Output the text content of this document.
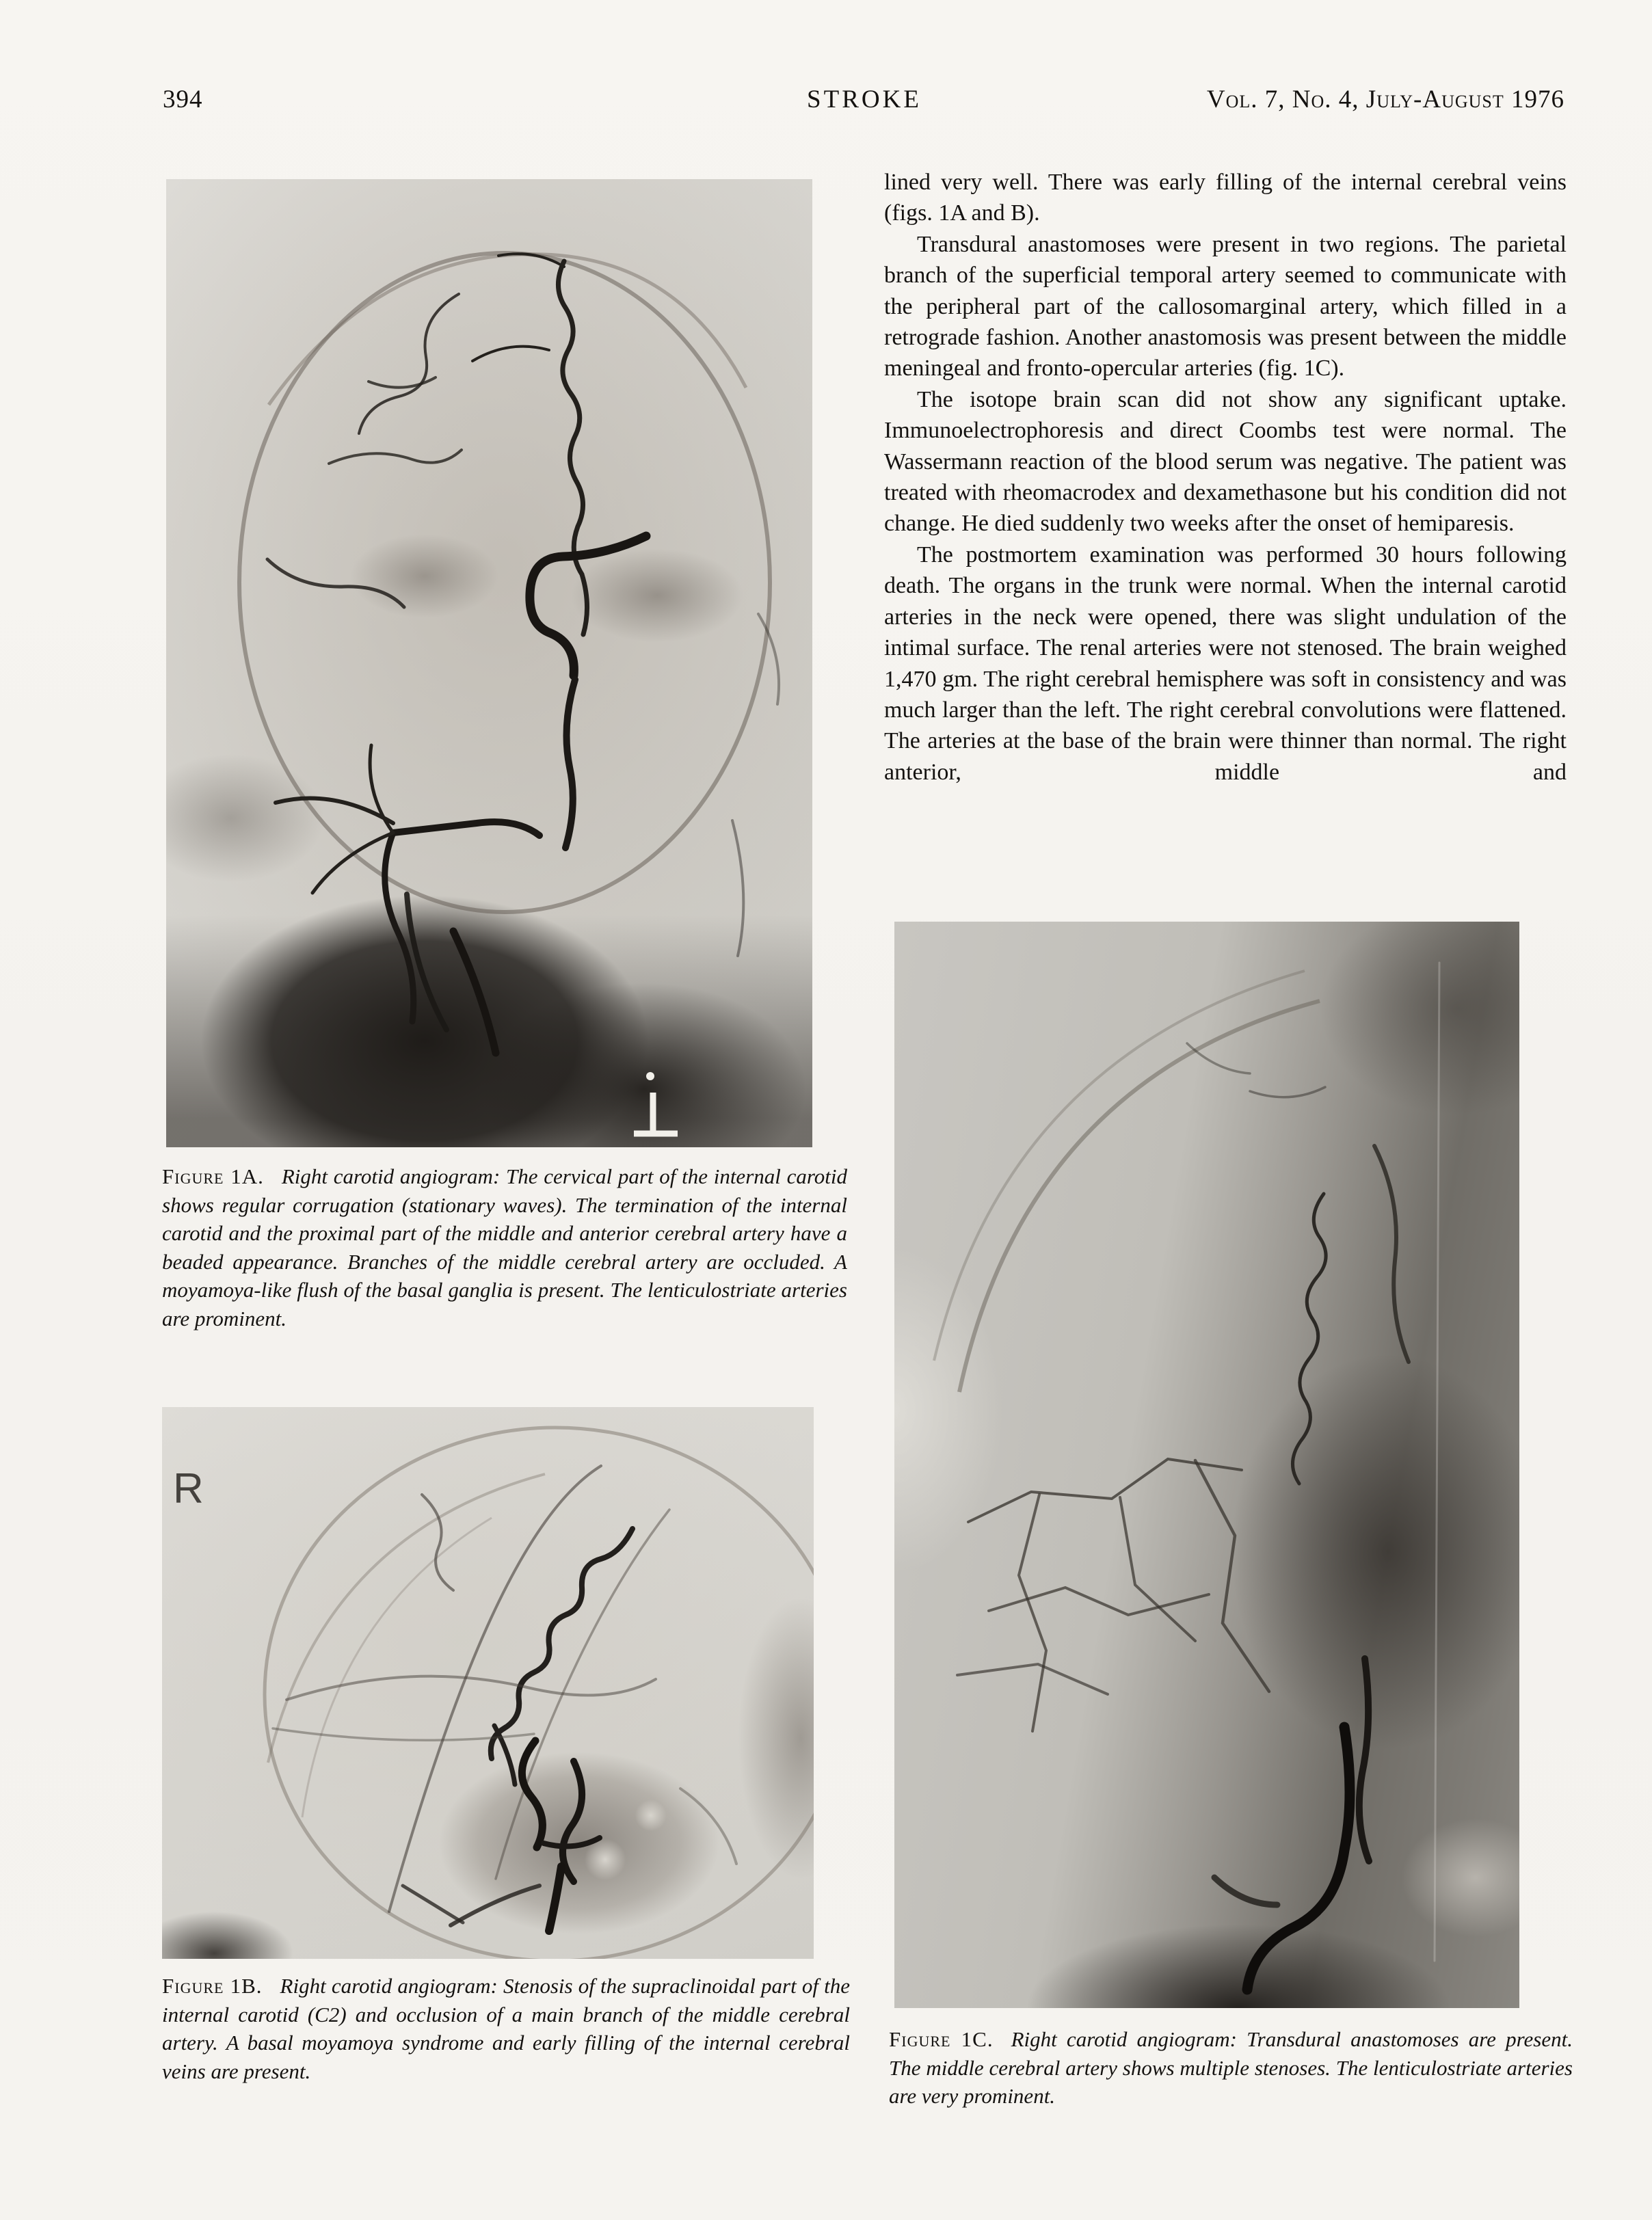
394	STROKE	Vol. 7, No. 4, July-August 1976
Figure 1A. Right carotid angiogram: The cervical part of the internal carotid shows regular corrugation (stationary waves). The termination of the internal carotid and the proximal part of the middle and anterior cerebral artery have a beaded appearance. Branches of the middle cerebral artery are occluded. A moyamoya-like flush of the basal ganglia is present. The lenticulostriate arteries are prominent.
R
Figure 1B. Right carotid angiogram: Stenosis of the supraclinoidal part of the internal carotid (C2) and occlusion of a main branch of the middle cerebral artery. A basal moyamoya syndrome and early filling of the internal cerebral veins are present.
Figure 1C. Right carotid angiogram: Transdural anastomoses are present. The middle cerebral artery shows multiple stenoses. The lenticulostriate arteries are very prominent.

lined very well. There was early filling of the internal cerebral veins (figs. 1A and B).

Transdural anastomoses were present in two regions. The parietal branch of the superficial temporal artery seemed to communicate with the peripheral part of the callosomarginal artery, which filled in a retrograde fashion. Another anastomosis was present between the middle meningeal and fronto-opercular arteries (fig. 1C).

The isotope brain scan did not show any significant uptake. Immunoelectrophoresis and direct Coombs test were normal. The Wassermann reaction of the blood serum was negative. The patient was treated with rheomacrodex and dexamethasone but his condition did not change. He died suddenly two weeks after the onset of hemiparesis.

The postmortem examination was performed 30 hours following death. The organs in the trunk were normal. When the internal carotid arteries in the neck were opened, there was slight undulation of the intimal surface. The renal arteries were not stenosed. The brain weighed 1,470 gm. The right cerebral hemisphere was soft in consistency and was much larger than the left. The right cerebral convolutions were flattened. The arteries at the base of the brain were thinner than normal. The right anterior, middle and
